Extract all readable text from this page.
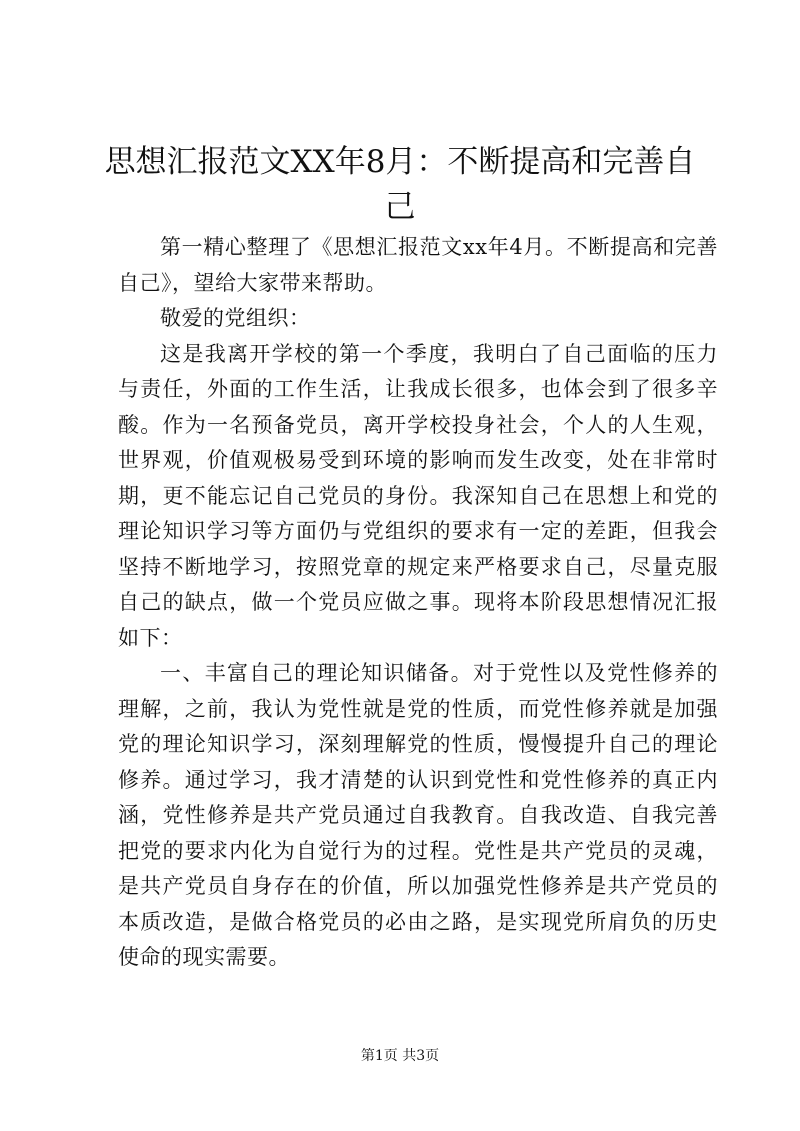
思想汇报范文XX年8月：不断提高和完善自己

第一精心整理了《思想汇报范文xx年4月。不断提高和完善自己》，望给大家带来帮助。

敬爱的党组织：

这是我离开学校的第一个季度，我明白了自己面临的压力与责任，外面的工作生活，让我成长很多，也体会到了很多辛酸。作为一名预备党员，离开学校投身社会，个人的人生观，世界观，价值观极易受到环境的影响而发生改变，处在非常时期，更不能忘记自己党员的身份。我深知自己在思想上和党的理论知识学习等方面仍与党组织的要求有一定的差距，但我会坚持不断地学习，按照党章的规定来严格要求自己，尽量克服自己的缺点，做一个党员应做之事。现将本阶段思想情况汇报如下：

一、丰富自己的理论知识储备。对于党性以及党性修养的理解，之前，我认为党性就是党的性质，而党性修养就是加强党的理论知识学习，深刻理解党的性质，慢慢提升自己的理论修养。通过学习，我才清楚的认识到党性和党性修养的真正内涵，党性修养是共产党员通过自我教育。自我改造、自我完善把党的要求内化为自觉行为的过程。党性是共产党员的灵魂，是共产党员自身存在的价值，所以加强党性修养是共产党员的本质改造，是做合格党员的必由之路，是实现党所肩负的历史使命的现实需要。

第1页 共3页
